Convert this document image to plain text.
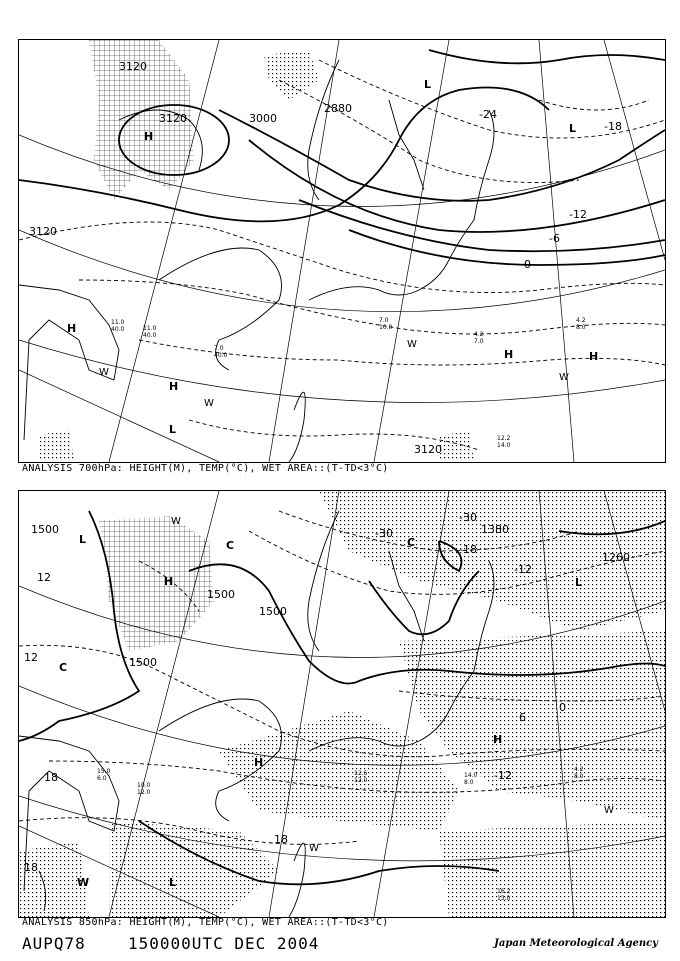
3120
3120	3000
2880
3120
3120
-24
-18
-12
-6
0
H
H
H
H	H
L
L
L
W
W
W
W
11.0
40.0	11.0
40.0
7.0
40.0
4.2
7.0
12.2
14.0
4.2
8.0
7.0
10.0
ANALYSIS 700hPa: HEIGHT(M), TEMP(°C), WET AREA::(T-TD<3°C)
1500
1500
1500
1380
1260
1500
-30
-30
-18
-12
-12
12
0
6
12
18
18
18
H
H
H
L
L
L
C
C
C
W
W
W
W
15.0
6.0
10.0
12.0
4.2
8.0
16.2
13.0
14.0
8.0
12.6
12.0
ANALYSIS 850hPa: HEIGHT(M), TEMP(°C), WET AREA::(T-TD<3°C)
AUPQ78	150000UTC DEC 2004	Japan Meteorological Agency
